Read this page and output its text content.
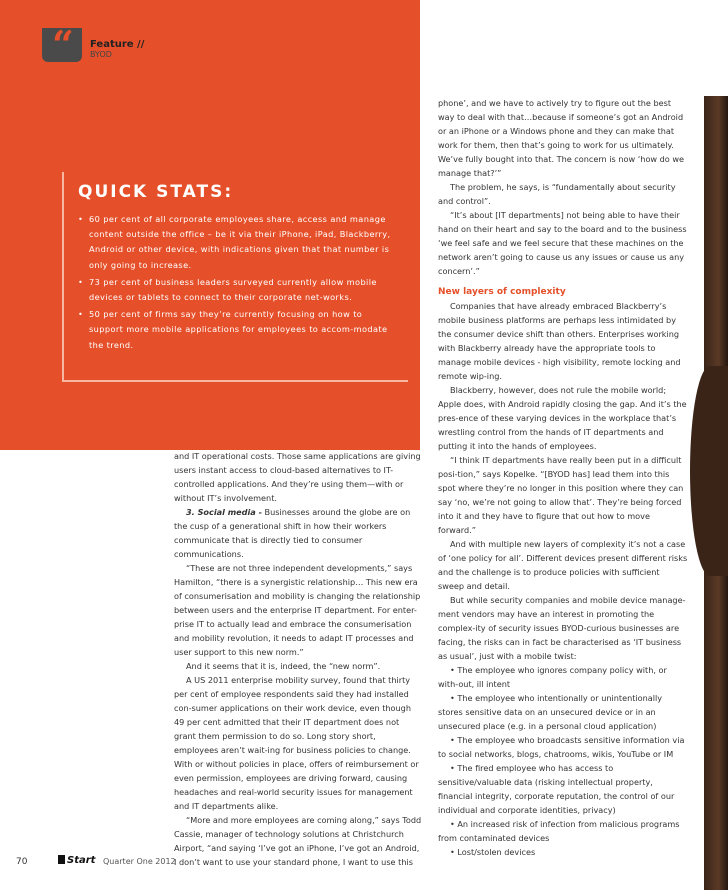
“ Feature //
BYOD
QUICK STATS:
• 60 per cent of all corporate employees share, access and manage content outside the office – be it via their iPhone, iPad, Blackberry, Android or other device, with indications given that that number is only going to increase.
• 73 per cent of business leaders surveyed currently allow mobile devices or tablets to connect to their corporate net-works.
• 50 per cent of firms say they’re currently focusing on how to support more mobile applications for employees to accom-modate the trend.

and IT operational costs. Those same applications are giving users instant access to cloud-based alternatives to IT-controlled applications. And they’re using them—with or without IT’s involvement.

3. Social media - Businesses around the globe are on the cusp of a generational shift in how their workers communicate that is directly tied to consumer communications.

“These are not three independent developments,” says Hamilton, “there is a synergistic relationship… This new era of consumerisation and mobility is changing the relationship between users and the enterprise IT department. For enter-prise IT to actually lead and embrace the consumerisation and mobility revolution, it needs to adapt IT processes and user support to this new norm.”

And it seems that it is, indeed, the “new norm”.

A US 2011 enterprise mobility survey, found that thirty per cent of employee respondents said they had installed con-sumer applications on their work device, even though 49 per cent admitted that their IT department does not grant them permission to do so. Long story short, employees aren’t wait-ing for business policies to change. With or without policies in place, offers of reimbursement or even permission, employees are driving forward, causing headaches and real-world security issues for management and IT departments alike.

“More and more employees are coming along,” says Todd Cassie, manager of technology solutions at Christchurch Airport, “and saying ‘I’ve got an iPhone, I’ve got an Android, I don’t want to use your standard phone, I want to use this

phone’, and we have to actively try to figure out the best way to deal with that…because if someone’s got an Android or an iPhone or a Windows phone and they can make that work for them, then that’s going to work for us ultimately. We’ve fully bought into that. The concern is now ‘how do we manage that?’”

The problem, he says, is “fundamentally about security and control”.

“It’s about [IT departments] not being able to have their hand on their heart and say to the board and to the business ‘we feel safe and we feel secure that these machines on the network aren’t going to cause us any issues or cause us any concern’.”

New layers of complexity

Companies that have already embraced Blackberry’s mobile business platforms are perhaps less intimidated by the consumer device shift than others. Enterprises working with Blackberry already have the appropriate tools to manage mobile devices - high visibility, remote locking and remote wip-ing.

Blackberry, however, does not rule the mobile world; Apple does, with Android rapidly closing the gap. And it’s the pres-ence of these varying devices in the workplace that’s wrestling control from the hands of IT departments and putting it into the hands of employees.

“I think IT departments have really been put in a difficult posi-tion,” says Kopelke. “[BYOD has] lead them into this spot where they’re no longer in this position where they can say ‘no, we’re not going to allow that’. They’re being forced into it and they have to figure that out how to move forward.”

And with multiple new layers of complexity it’s not a case of ‘one policy for all’. Different devices present different risks and the challenge is to produce policies with sufficient sweep and detail.

But while security companies and mobile device manage-ment vendors may have an interest in promoting the complex-ity of security issues BYOD-curious businesses are facing, the risks can in fact be characterised as ‘IT business as usual’, just with a mobile twist:

• The employee who ignores company policy with, or with-out, ill intent

• The employee who intentionally or unintentionally stores sensitive data on an unsecured device or in an unsecured place (e.g. in a personal cloud application)

• The employee who broadcasts sensitive information via to social networks, blogs, chatrooms, wikis, YouTube or IM

• The fired employee who has access to sensitive/valuable data (risking intellectual property, financial integrity, corporate reputation, the control of our individual and corporate identities, privacy)

• An increased risk of infection from malicious programs from contaminated devices

• Lost/stolen devices

70	Start Quarter One 2012
